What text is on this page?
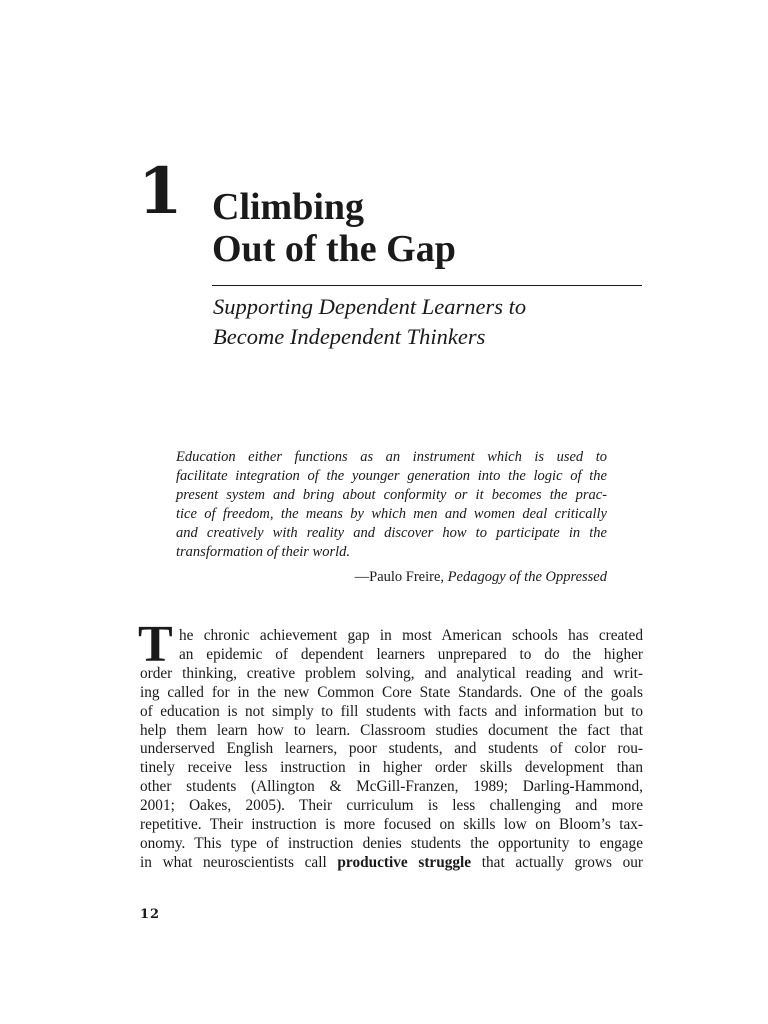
1 Climbing
Out of the Gap
Supporting Dependent Learners to
Become Independent Thinkers
Education either functions as an instrument which is used to
facilitate integration of the younger generation into the logic of the
present system and bring about conformity or it becomes the prac-
tice of freedom, the means by which men and women deal critically
and creatively with reality and discover how to participate in the
transformation of their world.
—Paulo Freire, Pedagogy of the Oppressed
T he chronic achievement gap in most American schools has created
an epidemic of dependent learners unprepared to do the higher
order thinking, creative problem solving, and analytical reading and writ-
ing called for in the new Common Core State Standards. One of the goals
of education is not simply to fill students with facts and information but to
help them learn how to learn. Classroom studies document the fact that
underserved English learners, poor students, and students of color rou-
tinely receive less instruction in higher order skills development than
other students (Allington & McGill-Franzen, 1989; Darling-Hammond,
2001; Oakes, 2005). Their curriculum is less challenging and more
repetitive. Their instruction is more focused on skills low on Bloom’s tax-
onomy. This type of instruction denies students the opportunity to engage
in what neuroscientists call productive struggle that actually grows our
12
